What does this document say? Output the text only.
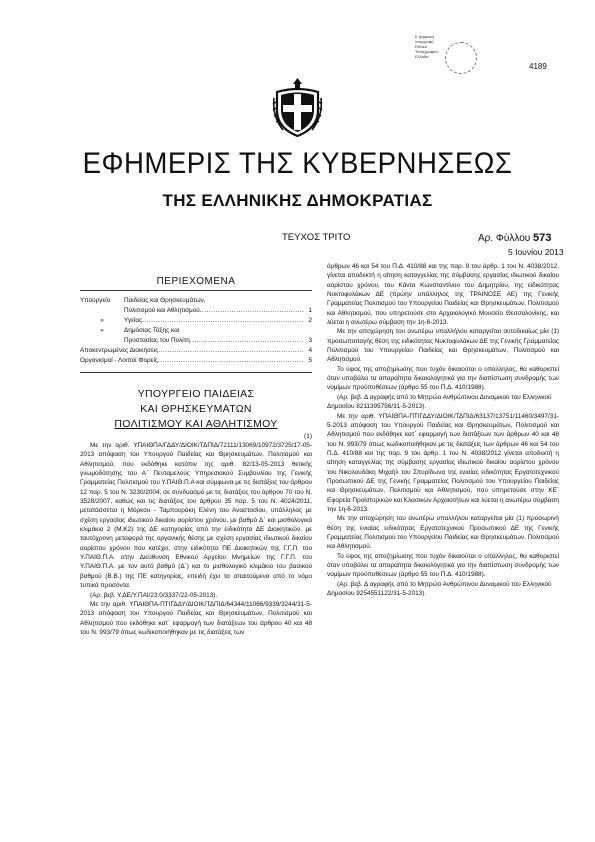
Ε ψηφιακή
υπογραφή
Εθνικό
Τυπογραφείο
Ελλάδα
4189
ΕΦΗΜΕΡΙΣ ΤΗΣ ΚΥΒΕΡΝΗΣΕΩΣ
ΤΗΣ ΕΛΛΗΝΙΚΗΣ ΔΗΜΟΚΡΑΤΙΑΣ
ΤΕΥΧΟΣ ΤΡΙΤΟ	Αρ. Φύλλου 573
5 Ιουνίου 2013
ΠΕΡΙΕΧΟΜΕΝΑ
Υπουργείο	Παιδείας και Θρησκευμάτων,
Πολιτισμού και Αθλητισμού .....	1
»	Υγείας .....	2
»	Δημόσιας Τάξης και
Προστασίας του Πολίτη .....	3
Αποκεντρωμένες Διοικήσεις .....	4
Οργανισμοί - Λοιποί Φορείς .....	5
ΥΠΟΥΡΓΕΙΟ ΠΑΙΔΕΙΑΣ
ΚΑΙ ΘΡΗΣΚΕΥΜΑΤΩΝ
ΠΟΛΙΤΙΣΜΟΥ ΚΑΙ ΑΘΛΗΤΙΣΜΟΥ
(1)

Με την αριθ. ΥΠΑΙΘΠΑ/ΓΔΔΥ/ΔΙΟΙΚ/ΤΔΠΙΔ/72111/13069/10972/3725/17-05-2013 απόφαση του Υπουργού Παιδείας και Θρησκευμάτων, Πολιτισμού και Αθλητισμού, που εκδόθηκε κατόπιν της αριθ. 82/13-05-2013 θετικής γνωμοδότησης του Α΄ Πενταμελούς Υπηρεσιακού Συμβουλίου της Γενικής Γραμματείας Πολιτισμού του Υ.ΠΑΙΘ.Π.Α και σύμφωνα με τις διατάξεις του άρθρου 12 παρ. 5 του Ν. 3230/2004, σε συνδυασμό με τις διατάξεις του άρθρου 70 του Ν. 3528/2007, καθώς και τις διατάξεις του άρθρου 35 παρ. 5 του Ν. 4024/2011, μετατάσσεται η Μόρκου - Ταμπουράκη Ελένη του Αναστασίου, υπάλληλος με σχέση εργασίας ιδιωτικού δικαίου αορίστου χρόνου, με βαθμό Δ΄ και μισθολογικό κλιμάκιο 2 (Μ.Κ2) της ΔΕ κατηγορίας από την ειδικότητα ΔΕ Διοικητικών, με ταυτόχρονη μεταφορά της οργανικής θέσης με σχέση εργασίας ιδιωτικού δικαίου αορίστου χρόνου που κατέχει, στην ειδικότητα ΠΕ Διοικητικών της Γ.Γ.Π. του Υ.ΠΑΙΘ.Π.Α. στην Διεύθυνση Εθνικού Αρχείου Μνημείων της Γ.Γ.Π. του Υ.ΠΑΙΘ.Π.Α. με τον αυτό βαθμό (Δ΄) και το μισθολογικό κλιμάκιο του βασικού βαθμού (Β.Β.) της ΠΕ κατηγορίας, επειδή έχει τα απαιτούμενα από το νόμο τυπικά προσόντα.

(Αρ. βεβ. Υ.ΔΕ/Υ.ΠΑΙ/23.0/3337/22-05-2013).

Με την αριθ. ΥΠΑΙΘΠΑ-ΠΤΙΓΔΔΥ/ΔΙΟΙΚ/ΤΔΠΙΔ/64344/11066/9339/3244/31-5-2013 απόφαση του Υπουργού Παιδείας και Θρησκευμάτων, Πολιτισμού και Αθλητισμού που εκδόθηκε κατ΄ εφαρμογή των διατάξεων του άρθρου 40 και 48 του Ν. 993/79 όπως κωδικοποιήθηκαν με τις διατάξεις των

άρθρων 46 και 54 του Π.Δ. 410/88 και της παρ. 9 του άρθρ. 1 του Ν. 4038/2012, γίνεται αποδεκτή η αίτηση καταγγελίας της σύμβασης εργασίας ιδιωτικού δικαίου αορίστου χρόνου, του Κάντα Κωνσταντίνου του Δημητρίου, της ειδικότητας Νυκτοφυλάκων ΔΕ (πρώην υπάλληλος της ΤΡΑΙΝΟΣΕ ΑΕ) της Γενικής Γραμματείας Πολιτισμού του Υπουργείου Παιδείας και Θρησκευμάτων, Πολιτισμού και Αθλητισμού, που υπηρετούσε στο Αρχαιολογικό Μουσείο Θεσσαλονίκης, και λύεται η ανωτέρω σύμβαση την 1η-6-2013.

Με την αποχώρηση του ανωτέρω υπαλλήλου καταργείται αυτοδικαίως μία (1) προσωποπαγής θέση της ειδικότητας Νυκτοφυλάκων ΔΕ της Γενικής Γραμματείας Πολιτισμού του Υπουργείου Παιδείας και Θρησκευμάτων, Πολιτισμού και Αθλητισμού.

Το ύψος της αποζημίωσης που τυχόν δικαιούται ο υπάλληλος, θα καθοριστεί όταν υποβάλει τα απαραίτητα δικαιολογητικά για την διαπίστωση συνδρομής των νομίμων προϋποθέσεων (άρθρο 55 του Π.Δ. 410/1988).

(Αρ. βεβ. Δ αγραφής από το Μητρώο Ανθρώπινου Δυναμικού του Ελληνικού Δημοσίου 8211395756/31-5-2013).

Με την αριθ. ΥΠΑΙΘΠΑ-ΠΤΙΓΔΔΥ/ΔΙΟΙΚ/ΤΔΠΙΔ/63137/13751/11460/3497/31-5-2013 απόφαση του Υπουργού Παιδείας και Θρησκευμάτων, Πολιτισμού και Αθλητισμού που εκδόθηκε κατ΄ εφαρμογή των διατάξεων των άρθρων 40 και 48 του Ν. 993/79 όπως κωδικοποιήθηκαν με τις διατάξεις των άρθρων 46 και 54 του Π.Δ. 410/88 και της παρ. 9 του άρθρ. 1 του Ν. 4038/2012 γίνεται αποδεκτή η αίτηση καταγγελίας της σύμβασης εργασίας ιδιωτικού δικαίου αορίστου χρόνου του Νικολουδάκη Μιχαήλ του Σπυρίδωνα της ενιαίας ειδικότητας Εργατοτεχνικού Προσωπικού ΔΕ της Γενικής Γραμματείας Πολιτισμού του Υπουργείου Παιδείας και Θρησκευμάτων, Πολιτισμού και Αθλητισμού, που υπηρετούσε στην ΚΕ΄ Εφορεία Προϊστορικών και Κλασικών Αρχαιοτήτων και λύεται η ανωτέρω σύμβαση την 1η-6-2013.

Με την αποχώρηση του ανωτέρω υπαλλήλου καταργείται μία (1) προσωρινή θέση της ενιαίας ειδικότητας Εργατοτεχνικού Προσωπικού ΔΕ της Γενικής Γραμματείας Πολιτισμού του Υπουργείου Παιδείας και Θρησκευμάτων, Πολιτισμού και Αθλητισμού.

Το ύψος της αποζημίωσης που τυχόν δικαιούται ο υπάλληλος, θα καθοριστεί όταν υποβάλει τα απαραίτητα δικαιολογητικά για την διαπίστωση συνδρομής των νομίμων προϋποθέσεων (άρθρο 55 του Π.Δ. 410/1988).

(Αρ. βεβ. Δ αγραφής από το Μητρώο Ανθρώπινου Δυναμικού του Ελληνικού Δημοσίου 9254551122/31-5-2013).
